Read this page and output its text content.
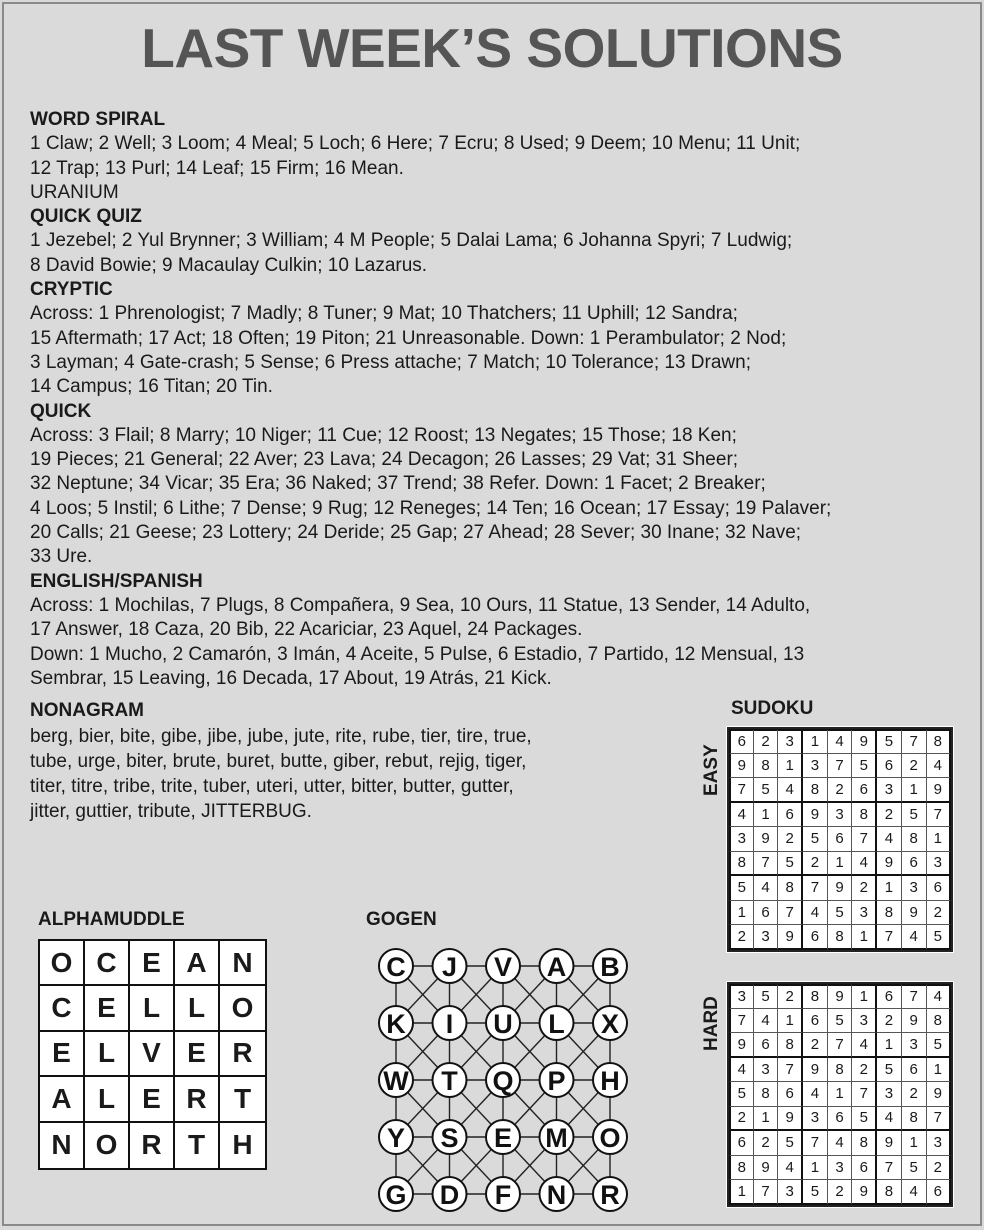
LAST WEEK’S SOLUTIONS
WORD SPIRAL
1 Claw; 2 Well; 3 Loom; 4 Meal; 5 Loch; 6 Here; 7 Ecru; 8 Used; 9 Deem; 10 Menu; 11 Unit;
12 Trap; 13 Purl; 14 Leaf; 15 Firm; 16 Mean.
URANIUM
QUICK QUIZ
1 Jezebel; 2 Yul Brynner; 3 William; 4 M People; 5 Dalai Lama; 6 Johanna Spyri; 7 Ludwig;
8 David Bowie; 9 Macaulay Culkin; 10 Lazarus.
CRYPTIC
Across: 1 Phrenologist; 7 Madly; 8 Tuner; 9 Mat; 10 Thatchers; 11 Uphill; 12 Sandra;
15 Aftermath; 17 Act; 18 Often; 19 Piton; 21 Unreasonable. Down: 1 Perambulator; 2 Nod;
3 Layman; 4 Gate-crash; 5 Sense; 6 Press attache; 7 Match; 10 Tolerance; 13 Drawn;
14 Campus; 16 Titan; 20 Tin.
QUICK
Across: 3 Flail; 8 Marry; 10 Niger; 11 Cue; 12 Roost; 13 Negates; 15 Those; 18 Ken;
19 Pieces; 21 General; 22 Aver; 23 Lava; 24 Decagon; 26 Lasses; 29 Vat; 31 Sheer;
32 Neptune; 34 Vicar; 35 Era; 36 Naked; 37 Trend; 38 Refer. Down: 1 Facet; 2 Breaker;
4 Loos; 5 Instil; 6 Lithe; 7 Dense; 9 Rug; 12 Reneges; 14 Ten; 16 Ocean; 17 Essay; 19 Palaver;
20 Calls; 21 Geese; 23 Lottery; 24 Deride; 25 Gap; 27 Ahead; 28 Sever; 30 Inane; 32 Nave;
33 Ure.
ENGLISH/SPANISH
Across: 1 Mochilas, 7 Plugs, 8 Compañera, 9 Sea, 10 Ours, 11 Statue, 13 Sender, 14 Adulto,
17 Answer, 18 Caza, 20 Bib, 22 Acariciar, 23 Aquel, 24 Packages.
Down: 1 Mucho, 2 Camarón, 3 Imán, 4 Aceite, 5 Pulse, 6 Estadio, 7 Partido, 12 Mensual, 13
Sembrar, 15 Leaving, 16 Decada, 17 About, 19 Atrás, 21 Kick.
NONAGRAM
berg, bier, bite, gibe, jibe, jube, jute, rite, rube, tier, tire, true,
tube, urge, biter, brute, buret, butte, giber, rebut, rejig, tiger,
titer, titre, tribe, trite, tuber, uteri, utter, bitter, butter, gutter,
jitter, guttier, tribute, JITTERBUG.
SUDOKU
EASY
6	2	3	1	4	9	5	7	8
9	8	1	3	7	5	6	2	4
7	5	4	8	2	6	3	1	9
4	1	6	9	3	8	2	5	7
3	9	2	5	6	7	4	8	1
8	7	5	2	1	4	9	6	3
5	4	8	7	9	2	1	3	6
1	6	7	4	5	3	8	9	2
2	3	9	6	8	1	7	4	5
HARD	3	5	2	8	9	1	6	7	4
7	4	1	6	5	3	2	9	8
9	6	8	2	7	4	1	3	5
4	3	7	9	8	2	5	6	1
5	8	6	4	1	7	3	2	9
2	1	9	3	6	5	4	8	7
6	2	5	7	4	8	9	1	3
8	9	4	1	3	6	7	5	2
1	7	3	5	2	9	8	4	6
ALPHAMUDDLE
O C E A N
C E L L O
E L V E R
A L E R T
N O R T H
GOGEN
C J V A B
K I U L X
W T Q P H
Y S E M O
G D F N R
